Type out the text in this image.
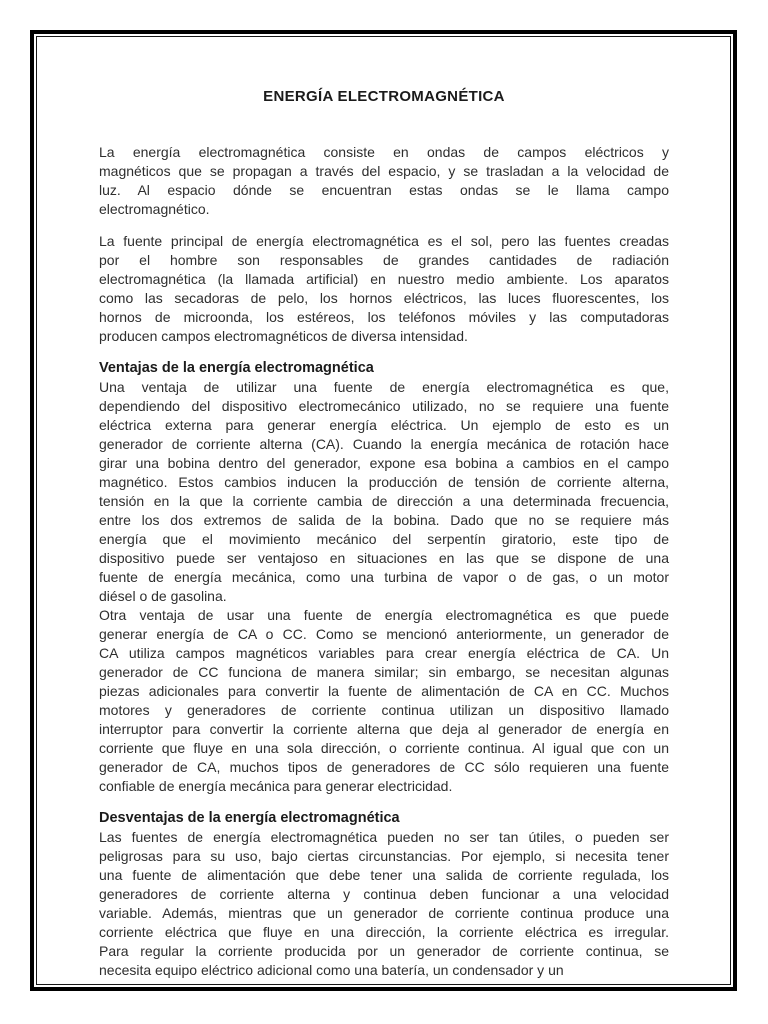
ENERGÍA ELECTROMAGNÉTICA
La energía electromagnética consiste en ondas de campos eléctricos y
magnéticos que se propagan a través del espacio, y se trasladan a la velocidad de
luz. Al espacio dónde se encuentran estas ondas se le llama campo
electromagnético.
La fuente principal de energía electromagnética es el sol, pero las fuentes creadas
por el hombre son responsables de grandes cantidades de radiación
electromagnética (la llamada artificial) en nuestro medio ambiente. Los aparatos
como las secadoras de pelo, los hornos eléctricos, las luces fluorescentes, los
hornos de microonda, los estéreos, los teléfonos móviles y las computadoras
producen campos electromagnéticos de diversa intensidad.
Ventajas de la energía electromagnética
Una ventaja de utilizar una fuente de energía electromagnética es que,
dependiendo del dispositivo electromecánico utilizado, no se requiere una fuente
eléctrica externa para generar energía eléctrica. Un ejemplo de esto es un
generador de corriente alterna (CA). Cuando la energía mecánica de rotación hace
girar una bobina dentro del generador, expone esa bobina a cambios en el campo
magnético. Estos cambios inducen la producción de tensión de corriente alterna,
tensión en la que la corriente cambia de dirección a una determinada frecuencia,
entre los dos extremos de salida de la bobina. Dado que no se requiere más
energía que el movimiento mecánico del serpentín giratorio, este tipo de
dispositivo puede ser ventajoso en situaciones en las que se dispone de una
fuente de energía mecánica, como una turbina de vapor o de gas, o un motor
diésel o de gasolina.
Otra ventaja de usar una fuente de energía electromagnética es que puede
generar energía de CA o CC. Como se mencionó anteriormente, un generador de
CA utiliza campos magnéticos variables para crear energía eléctrica de CA. Un
generador de CC funciona de manera similar; sin embargo, se necesitan algunas
piezas adicionales para convertir la fuente de alimentación de CA en CC. Muchos
motores y generadores de corriente continua utilizan un dispositivo llamado
interruptor para convertir la corriente alterna que deja al generador de energía en
corriente que fluye en una sola dirección, o corriente continua. Al igual que con un
generador de CA, muchos tipos de generadores de CC sólo requieren una fuente
confiable de energía mecánica para generar electricidad.
Desventajas de la energía electromagnética
Las fuentes de energía electromagnética pueden no ser tan útiles, o pueden ser
peligrosas para su uso, bajo ciertas circunstancias. Por ejemplo, si necesita tener
una fuente de alimentación que debe tener una salida de corriente regulada, los
generadores de corriente alterna y continua deben funcionar a una velocidad
variable. Además, mientras que un generador de corriente continua produce una
corriente eléctrica que fluye en una dirección, la corriente eléctrica es irregular.
Para regular la corriente producida por un generador de corriente continua, se
necesita equipo eléctrico adicional como una batería, un condensador y un
